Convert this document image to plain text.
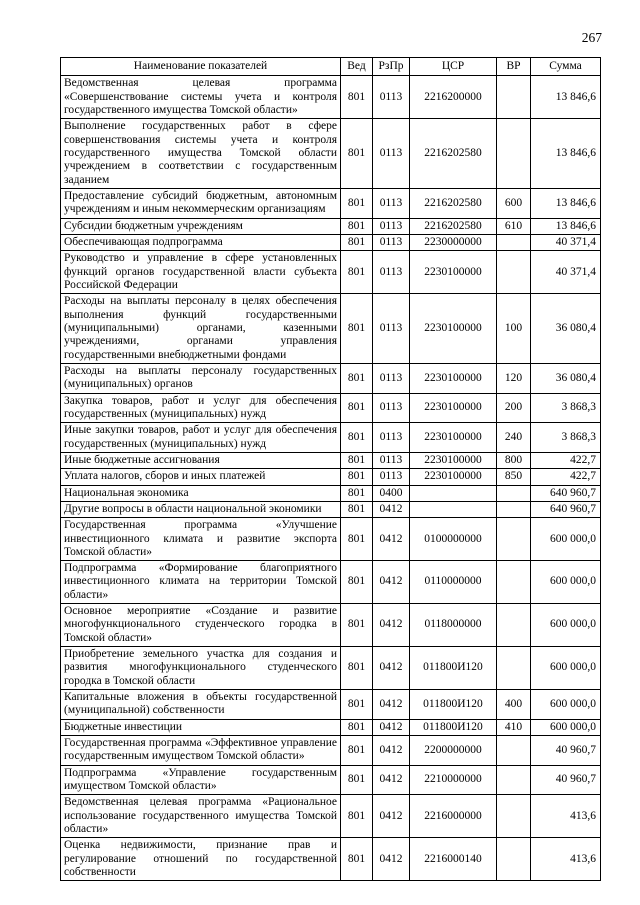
267
Наименование показателей	Вед	РзПр	ЦСР	ВР	Сумма
Ведомственная целевая программа «Совершенствование системы учета и контроля государственного имущества Томской области»	801	0113	2216200000		13 846,6
Выполнение государственных работ в сфере совершенствования системы учета и контроля государственного имущества Томской области учреждением в соответствии с государственным заданием	801	0113	2216202580		13 846,6
Предоставление субсидий бюджетным, автономным учреждениям и иным некоммерческим организациям	801	0113	2216202580	600	13 846,6
Субсидии бюджетным учреждениям	801	0113	2216202580	610	13 846,6
Обеспечивающая подпрограмма	801	0113	2230000000		40 371,4
Руководство и управление в сфере установленных функций органов государственной власти субъекта Российской Федерации	801	0113	2230100000		40 371,4
Расходы на выплаты персоналу в целях обеспечения выполнения функций государственными (муниципальными) органами, казенными учреждениями, органами управления государственными внебюджетными фондами	801	0113	2230100000	100	36 080,4
Расходы на выплаты персоналу государственных (муниципальных) органов	801	0113	2230100000	120	36 080,4
Закупка товаров, работ и услуг для обеспечения государственных (муниципальных) нужд	801	0113	2230100000	200	3 868,3
Иные закупки товаров, работ и услуг для обеспечения государственных (муниципальных) нужд	801	0113	2230100000	240	3 868,3
Иные бюджетные ассигнования	801	0113	2230100000	800	422,7
Уплата налогов, сборов и иных платежей	801	0113	2230100000	850	422,7
Национальная экономика	801	0400			640 960,7
Другие вопросы в области национальной экономики	801	0412			640 960,7
Государственная программа «Улучшение инвестиционного климата и развитие экспорта Томской области»	801	0412	0100000000		600 000,0
Подпрограмма «Формирование благоприятного инвестиционного климата на территории Томской области»	801	0412	0110000000		600 000,0
Основное мероприятие «Создание и развитие многофункционального студенческого городка в Томской области»	801	0412	0118000000		600 000,0
Приобретение земельного участка для создания и развития многофункционального студенческого городка в Томской области	801	0412	011800И120		600 000,0
Капитальные вложения в объекты государственной (муниципальной) собственности	801	0412	011800И120	400	600 000,0
Бюджетные инвестиции	801	0412	011800И120	410	600 000,0
Государственная программа «Эффективное управление государственным имуществом Томской области»	801	0412	2200000000		40 960,7
Подпрограмма «Управление государственным имуществом Томской области»	801	0412	2210000000		40 960,7
Ведомственная целевая программа «Рациональное использование государственного имущества Томской области»	801	0412	2216000000		413,6
Оценка недвижимости, признание прав и регулирование отношений по государственной собственности	801	0412	2216000140		413,6
